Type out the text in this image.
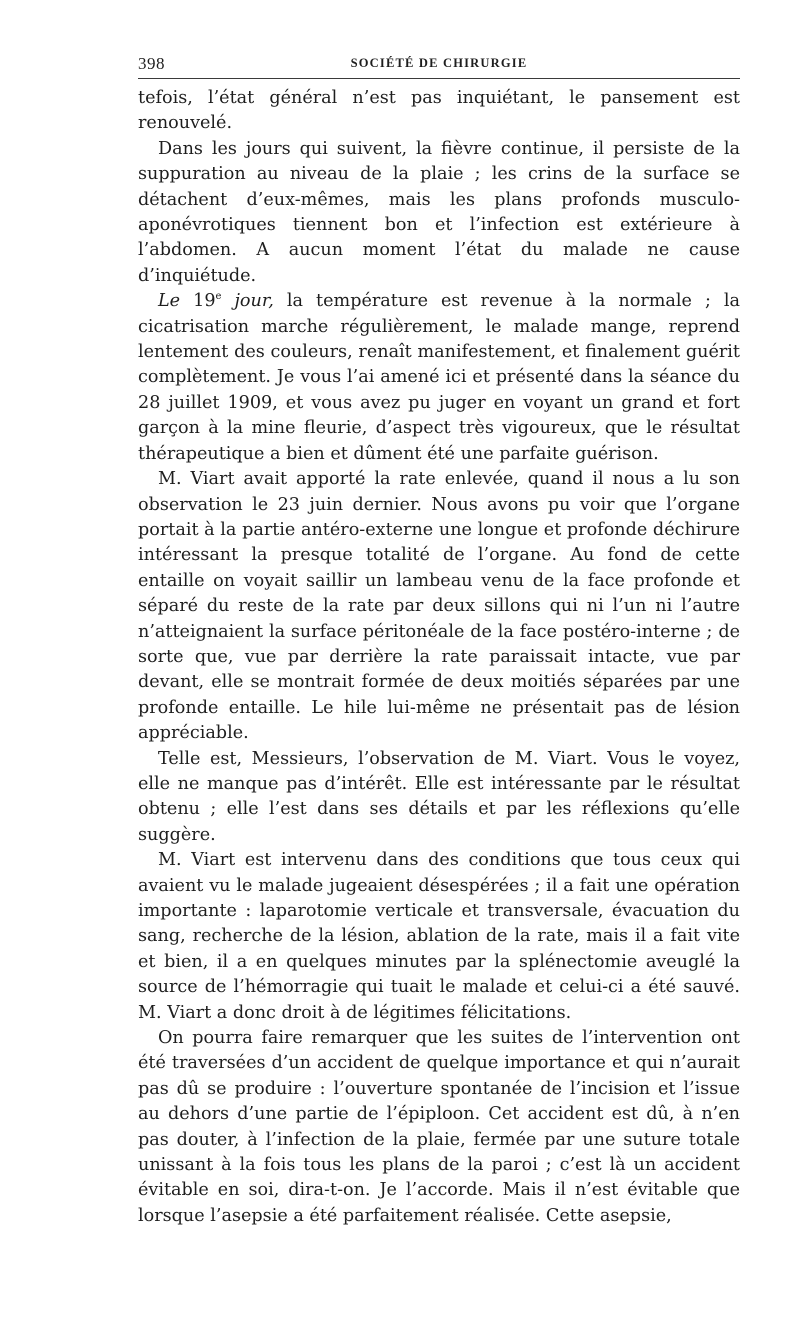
398	SOCIÉTÉ DE CHIRURGIE

tefois, l’état général n’est pas inquiétant, le pansement est renouvelé.

Dans les jours qui suivent, la fièvre continue, il persiste de la suppuration au niveau de la plaie ; les crins de la surface se détachent d’eux-mêmes, mais les plans profonds musculo-aponévrotiques tiennent bon et l’infection est extérieure à l’abdomen. A aucun moment l’état du malade ne cause d’inquiétude.

Le 19e jour, la température est revenue à la normale ; la cicatrisation marche régulièrement, le malade mange, reprend lentement des couleurs, renaît manifestement, et finalement guérit complètement. Je vous l’ai amené ici et présenté dans la séance du 28 juillet 1909, et vous avez pu juger en voyant un grand et fort garçon à la mine fleurie, d’aspect très vigoureux, que le résultat thérapeutique a bien et dûment été une parfaite guérison.

M. Viart avait apporté la rate enlevée, quand il nous a lu son observation le 23 juin dernier. Nous avons pu voir que l’organe portait à la partie antéro-externe une longue et profonde déchirure intéressant la presque totalité de l’organe. Au fond de cette entaille on voyait saillir un lambeau venu de la face profonde et séparé du reste de la rate par deux sillons qui ni l’un ni l’autre n’atteignaient la surface péritonéale de la face postéro-interne ; de sorte que, vue par derrière la rate paraissait intacte, vue par devant, elle se montrait formée de deux moitiés séparées par une profonde entaille. Le hile lui-même ne présentait pas de lésion appréciable.

Telle est, Messieurs, l’observation de M. Viart. Vous le voyez, elle ne manque pas d’intérêt. Elle est intéressante par le résultat obtenu ; elle l’est dans ses détails et par les réflexions qu’elle suggère.

M. Viart est intervenu dans des conditions que tous ceux qui avaient vu le malade jugeaient désespérées ; il a fait une opération importante : laparotomie verticale et transversale, évacuation du sang, recherche de la lésion, ablation de la rate, mais il a fait vite et bien, il a en quelques minutes par la splénectomie aveuglé la source de l’hémorragie qui tuait le malade et celui-ci a été sauvé. M. Viart a donc droit à de légitimes félicitations.

On pourra faire remarquer que les suites de l’intervention ont été traversées d’un accident de quelque importance et qui n’aurait pas dû se produire : l’ouverture spontanée de l’incision et l’issue au dehors d’une partie de l’épiploon. Cet accident est dû, à n’en pas douter, à l’infection de la plaie, fermée par une suture totale unissant à la fois tous les plans de la paroi ; c’est là un accident évitable en soi, dira-t-on. Je l’accorde. Mais il n’est évitable que lorsque l’asepsie a été parfaitement réalisée. Cette asepsie,
